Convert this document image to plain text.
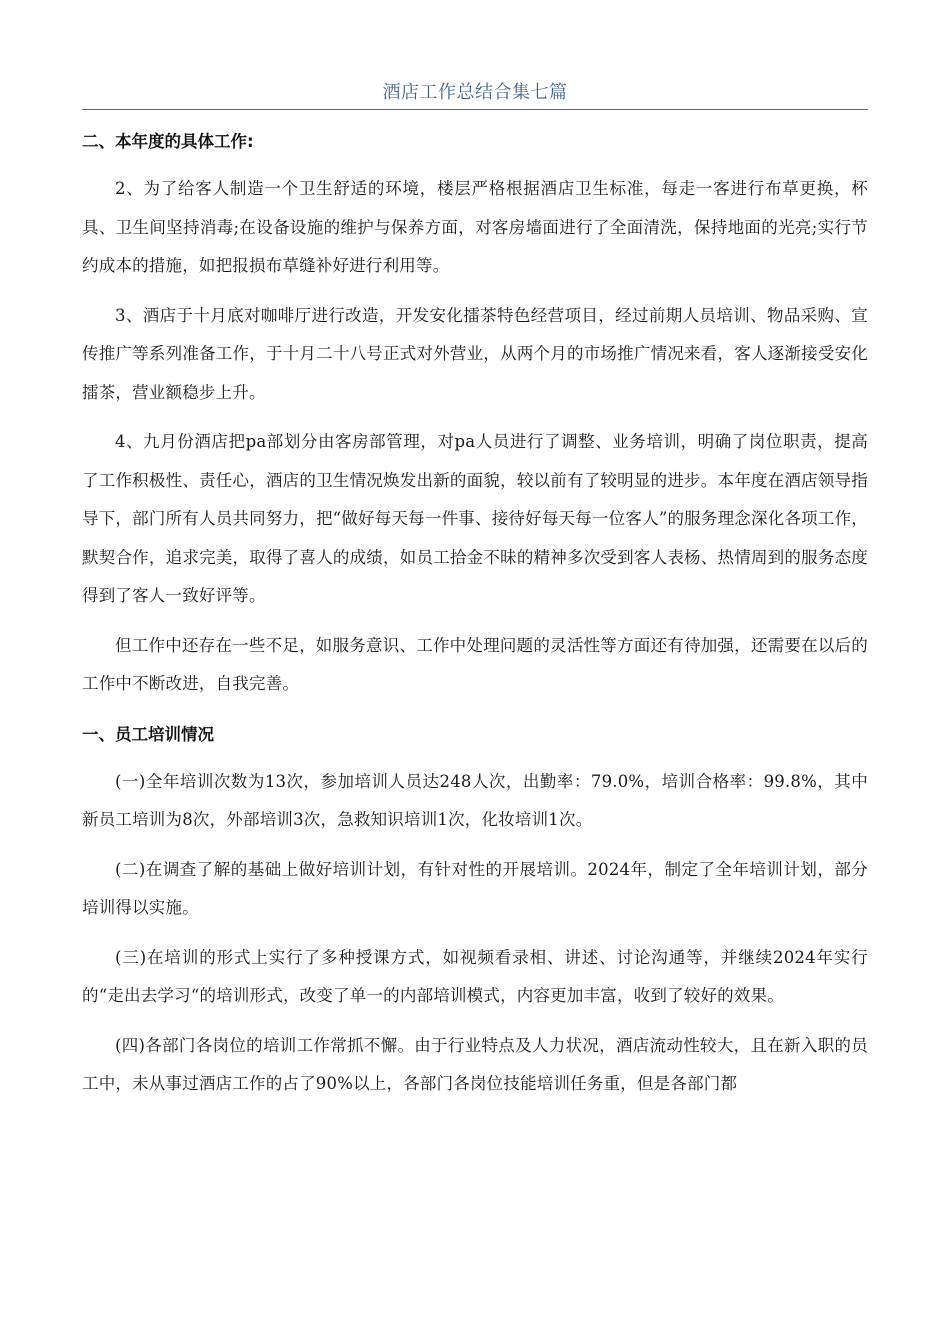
酒店工作总结合集七篇
二、本年度的具体工作:

2、为了给客人制造一个卫生舒适的环境，楼层严格根据酒店卫生标准，每走一客进行布草更换，杯具、卫生间坚持消毒;在设备设施的维护与保养方面，对客房墙面进行了全面清洗，保持地面的光亮;实行节约成本的措施，如把报损布草缝补好进行利用等。

3、酒店于十月底对咖啡厅进行改造，开发安化擂茶特色经营项目，经过前期人员培训、物品采购、宣传推广等系列准备工作，于十月二十八号正式对外营业，从两个月的市场推广情况来看，客人逐渐接受安化擂茶，营业额稳步上升。

4、九月份酒店把pa部划分由客房部管理，对pa人员进行了调整、业务培训，明确了岗位职责，提高了工作积极性、责任心，酒店的卫生情况焕发出新的面貌，较以前有了较明显的进步。本年度在酒店领导指导下，部门所有人员共同努力，把“做好每天每一件事、接待好每天每一位客人”的服务理念深化各项工作，默契合作，追求完美，取得了喜人的成绩，如员工拾金不昧的精神多次受到客人表杨、热情周到的服务态度得到了客人一致好评等。

但工作中还存在一些不足，如服务意识、工作中处理问题的灵活性等方面还有待加强，还需要在以后的工作中不断改进，自我完善。

一、员工培训情况

(一)全年培训次数为13次，参加培训人员达248人次，出勤率：79.0%，培训合格率：99.8%，其中新员工培训为8次，外部培训3次，急救知识培训1次，化妆培训1次。

(二)在调查了解的基础上做好培训计划，有针对性的开展培训。2024年，制定了全年培训计划，部分培训得以实施。

(三)在培训的形式上实行了多种授课方式，如视频看录相、讲述、讨论沟通等，并继续2024年实行的“走出去学习“的培训形式，改变了单一的内部培训模式，内容更加丰富，收到了较好的效果。

(四)各部门各岗位的培训工作常抓不懈。由于行业特点及人力状况，酒店流动性较大，且在新入职的员工中，未从事过酒店工作的占了90%以上，各部门各岗位技能培训任务重，但是各部门都
